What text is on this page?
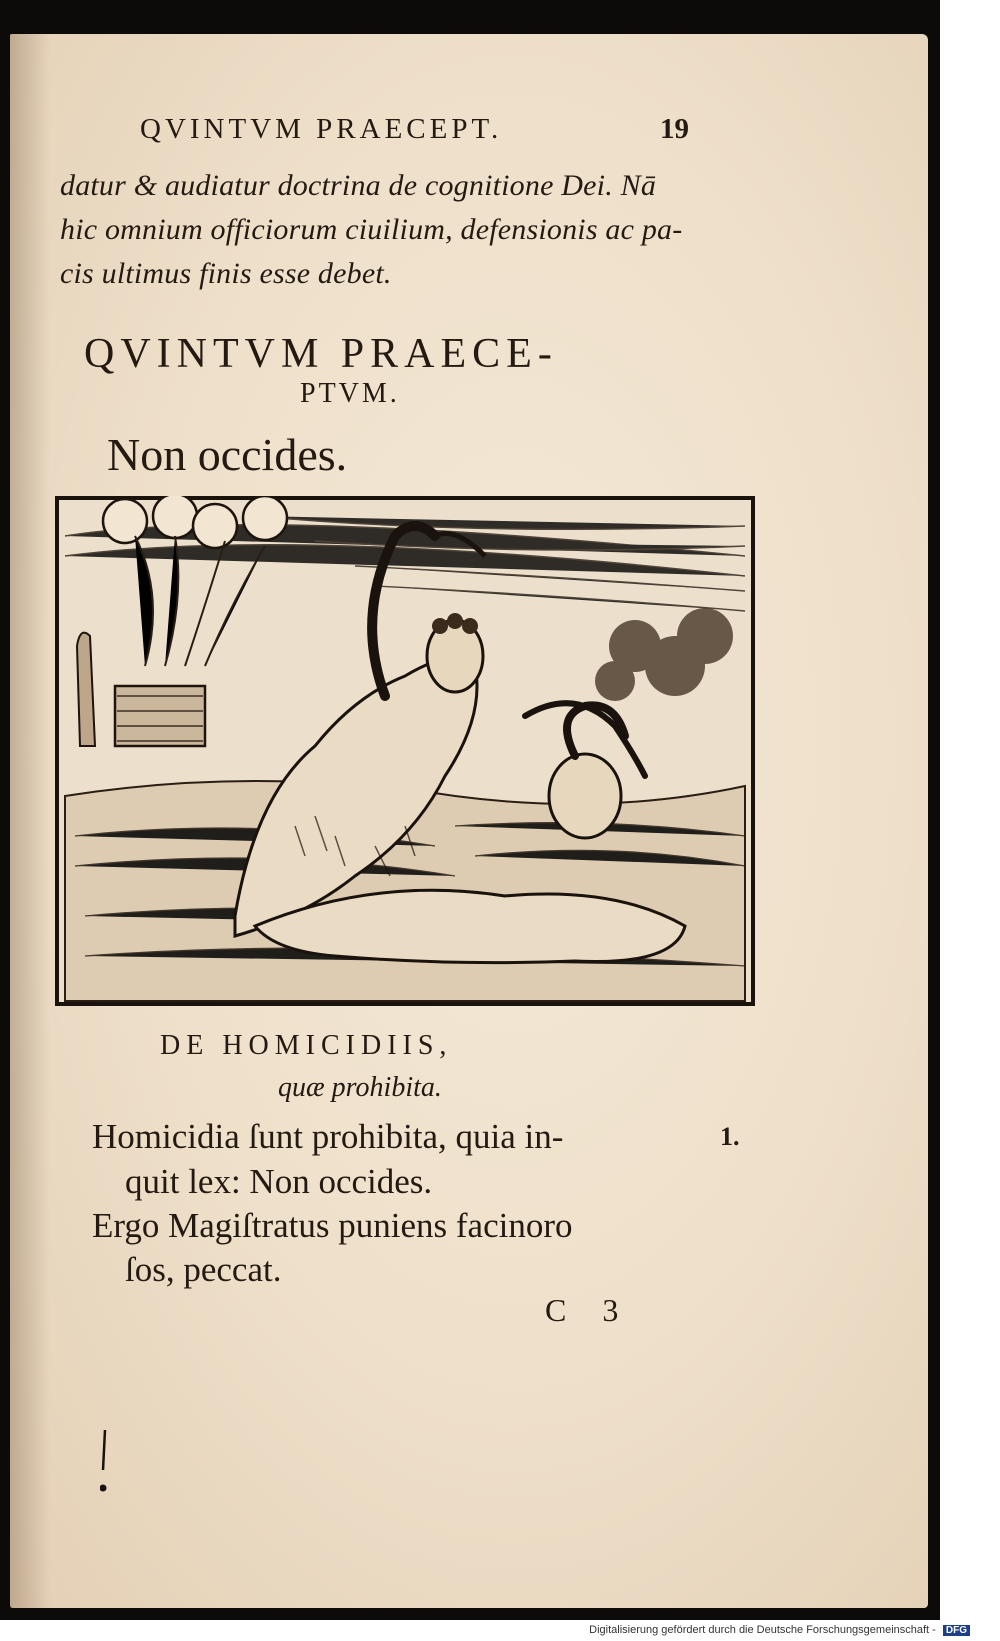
QVINTVM PRAECEPT.	19
datur & audiatur doctrina de cognitione Dei. Nā
hic omnium officiorum ciuilium, defensionis ac pa-
cis ultimus finis esse debet.
QVINTVM PRAECE-
PTVM.
Non occides.
DE HOMICIDIIS,
quæ prohibita.
Homicidia ſunt prohibita, quia in-
quit lex: Non occides.
Ergo Magiſtratus puniens facinoro
ſos, peccat.
1.
C 3
Digitalisierung gefördert durch die Deutsche Forschungsgemeinschaft - DFG
